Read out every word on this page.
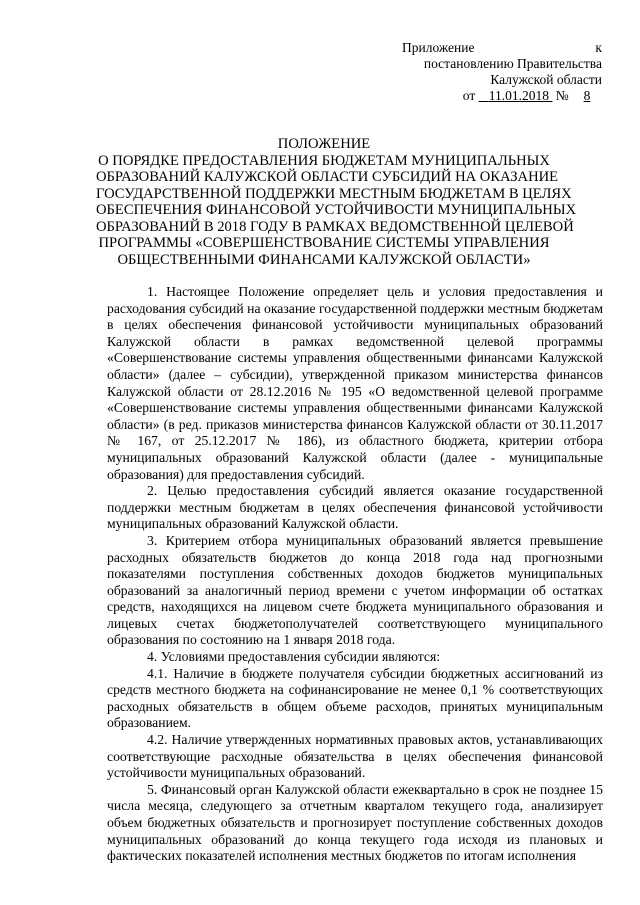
Приложение к
постановлению Правительства
Калужской области
от 11.01.2018 № 8
ПОЛОЖЕНИЕ
О ПОРЯДКЕ ПРЕДОСТАВЛЕНИЯ БЮДЖЕТАМ МУНИЦИПАЛЬНЫХ
ОБРАЗОВАНИЙ КАЛУЖСКОЙ ОБЛАСТИ СУБСИДИЙ НА ОКАЗАНИЕ
ГОСУДАРСТВЕННОЙ ПОДДЕРЖКИ МЕСТНЫМ БЮДЖЕТАМ В ЦЕЛЯХ
ОБЕСПЕЧЕНИЯ ФИНАНСОВОЙ УСТОЙЧИВОСТИ МУНИЦИПАЛЬНЫХ
ОБРАЗОВАНИЙ В 2018 ГОДУ В РАМКАХ ВЕДОМСТВЕННОЙ ЦЕЛЕВОЙ
ПРОГРАММЫ «СОВЕРШЕНСТВОВАНИЕ СИСТЕМЫ УПРАВЛЕНИЯ
ОБЩЕСТВЕННЫМИ ФИНАНСАМИ КАЛУЖСКОЙ ОБЛАСТИ»

1. Настоящее Положение определяет цель и условия предоставления и расходования субсидий на оказание государственной поддержки местным бюджетам в целях обеспечения финансовой устойчивости муниципальных образований Калужской области в рамках ведомственной целевой программы «Совершенствование системы управления общественными финансами Калужской области» (далее – субсидии), утвержденной приказом министерства финансов Калужской области от 28.12.2016 № 195 «О ведомственной целевой программе «Совершенствование системы управления общественными финансами Калужской области» (в ред. приказов министерства финансов Калужской области от 30.11.2017 № 167, от 25.12.2017 № 186), из областного бюджета, критерии отбора муниципальных образований Калужской области (далее - муниципальные образования) для предоставления субсидий.

2. Целью предоставления субсидий является оказание государственной поддержки местным бюджетам в целях обеспечения финансовой устойчивости муниципальных образований Калужской области.

3. Критерием отбора муниципальных образований является превышение расходных обязательств бюджетов до конца 2018 года над прогнозными показателями поступления собственных доходов бюджетов муниципальных образований за аналогичный период времени с учетом информации об остатках средств, находящихся на лицевом счете бюджета муниципального образования и лицевых счетах бюджетополучателей соответствующего муниципального образования по состоянию на 1 января 2018 года.

4. Условиями предоставления субсидии являются:

4.1. Наличие в бюджете получателя субсидии бюджетных ассигнований из средств местного бюджета на софинансирование не менее 0,1 % соответствующих расходных обязательств в общем объеме расходов, принятых муниципальным образованием.

4.2. Наличие утвержденных нормативных правовых актов, устанавливающих соответствующие расходные обязательства в целях обеспечения финансовой устойчивости муниципальных образований.

5. Финансовый орган Калужской области ежеквартально в срок не позднее 15 числа месяца, следующего за отчетным кварталом текущего года, анализирует объем бюджетных обязательств и прогнозирует поступление собственных доходов муниципальных образований до конца текущего года исходя из плановых и фактических показателей исполнения местных бюджетов по итогам исполнения
